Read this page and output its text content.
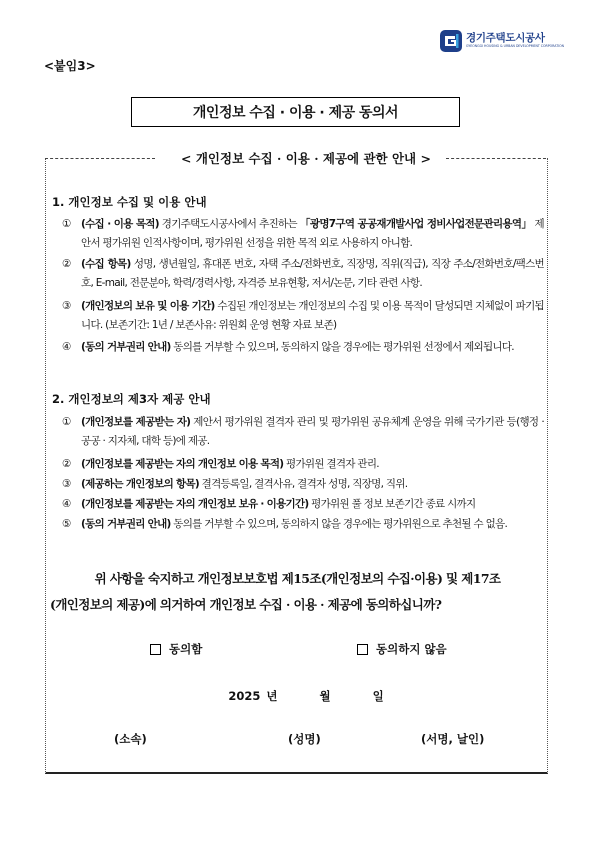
경기주택도시공사
GYEONGGI HOUSING & URBAN DEVELOPMENT CORPORATION
<붙임3>
개인정보 수집 · 이용 · 제공 동의서
< 개인정보 수집 · 이용 · 제공에 관한 안내 >
1. 개인정보 수집 및 이용 안내
① (수집 · 이용 목적) 경기주택도시공사에서 추진하는 「광명7구역 공공재개발사업 정비사업전문관리용역」 제안서 평가위원 인적사항이며, 평가위원 선정을 위한 목적 외로 사용하지 아니함.
② (수집 항목) 성명, 생년월일, 휴대폰 번호, 자택 주소/전화번호, 직장명, 직위(직급), 직장 주소/전화번호/팩스번호, E-mail, 전문분야, 학력/경력사항, 자격증 보유현황, 저서/논문, 기타 관련 사항.
③ (개인정보의 보유 및 이용 기간) 수집된 개인정보는 개인정보의 수집 및 이용 목적이 달성되면 지체없이 파기됩니다. (보존기간: 1년 / 보존사유: 위원회 운영 현황 자료 보존)
④ (동의 거부권리 안내) 동의를 거부할 수 있으며, 동의하지 않을 경우에는 평가위원 선정에서 제외됩니다.
2. 개인정보의 제3자 제공 안내
① (개인정보를 제공받는 자) 제안서 평가위원 결격자 관리 및 평가위원 공유체계 운영을 위해 국가기관 등(행정 · 공공 · 지자체, 대학 등)에 제공.
② (개인정보를 제공받는 자의 개인정보 이용 목적) 평가위원 결격자 관리.
③ (제공하는 개인정보의 항목) 결격등록일, 결격사유, 결격자 성명, 직장명, 직위.
④ (개인정보를 제공받는 자의 개인정보 보유 · 이용기간) 평가위원 풀 정보 보존기간 종료 시까지
⑤ (동의 거부권리 안내) 동의를 거부할 수 있으며, 동의하지 않을 경우에는 평가위원으로 추천될 수 없음.
위 사항을 숙지하고 개인정보보호법 제15조(개인정보의 수집·이용) 및 제17조
(개인정보의 제공)에 의거하여 개인정보 수집 · 이용 · 제공에 동의하십니까?
동의함	동의하지 않음
2025 년	월	일
(소속)	(성명)	(서명, 날인)
